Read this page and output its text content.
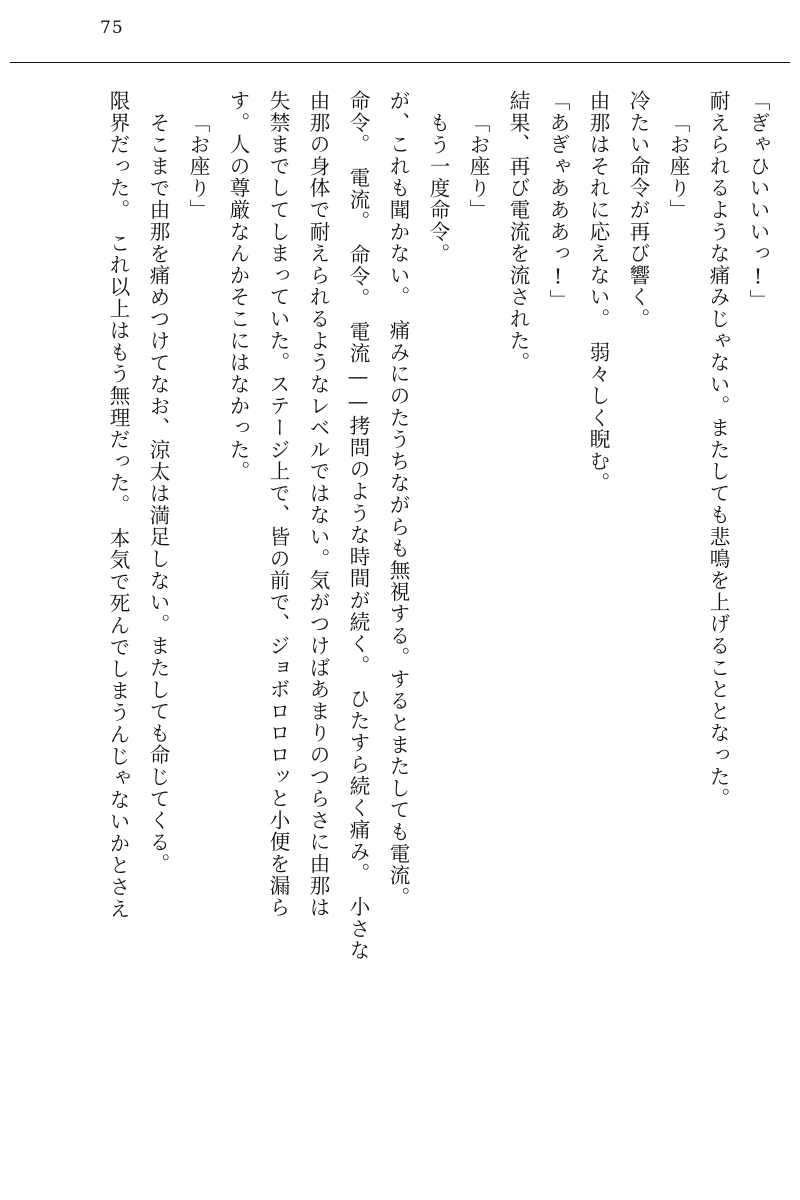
75
「ぎゃひいいいっ!」
耐えられるような痛みじゃない。またしても悲鳴を上げることとなった。
「お座り」
冷たい命令が再び響く。
由那はそれに応えない。　弱々しく睨む。
「あぎゃあああっ!」
結果、再び電流を流された。
「お座り」
もう一度命令。
が、これも聞かない。　痛みにのたうちながらも無視する。するとまたしても電流。
命令。　電流。　命令。　電流——拷問のような時間が続く。　ひたすら続く痛み。　小さな
由那の身体で耐えられるようなレベルではない。気がつけばあまりのつらさに由那は
失禁までしてしまっていた。ステージ上で、皆の前で、ジョボロロロッと小便を漏ら
す。人の尊厳なんかそこにはなかった。
「お座り」
そこまで由那を痛めつけてなお、涼太は満足しない。またしても命じてくる。
限界だった。　これ以上はもう無理だった。　本気で死んでしまうんじゃないかとさえ
